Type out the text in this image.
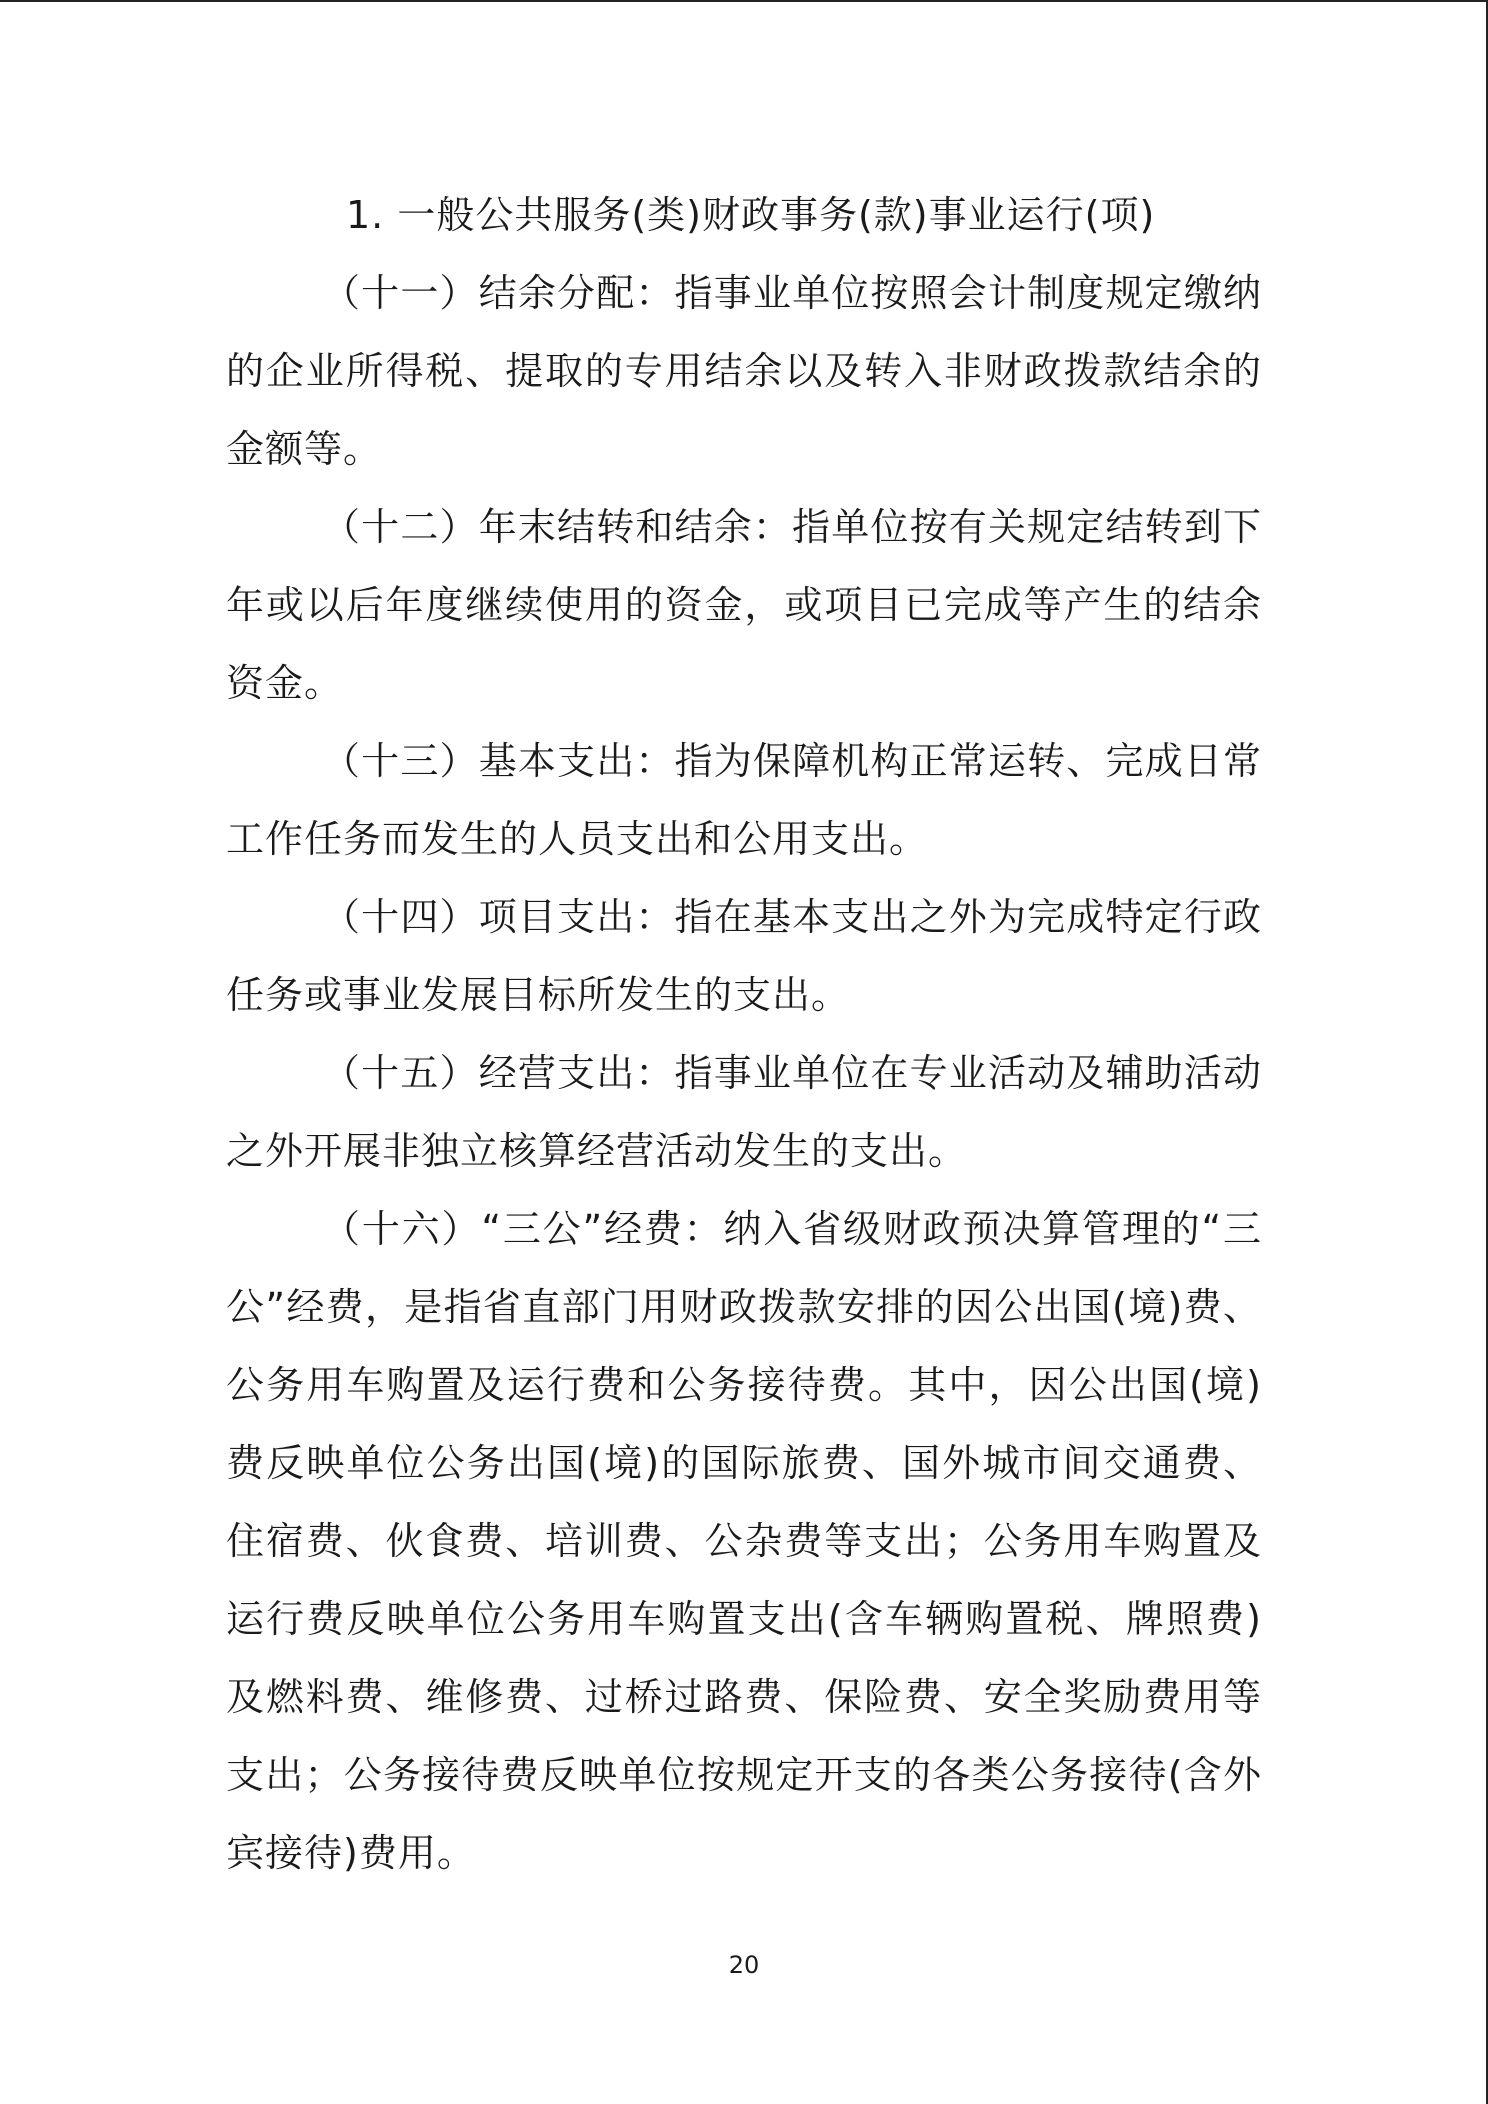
1. 一般公共服务(类)财政事务(款)事业运行(项)

（十一）结余分配：指事业单位按照会计制度规定缴纳的企业所得税、提取的专用结余以及转入非财政拨款结余的金额等。

（十二）年末结转和结余：指单位按有关规定结转到下年或以后年度继续使用的资金，或项目已完成等产生的结余资金。

（十三）基本支出：指为保障机构正常运转、完成日常工作任务而发生的人员支出和公用支出。

（十四）项目支出：指在基本支出之外为完成特定行政任务或事业发展目标所发生的支出。

（十五）经营支出：指事业单位在专业活动及辅助活动之外开展非独立核算经营活动发生的支出。

（十六）“三公”经费：纳入省级财政预决算管理的“三公”经费，是指省直部门用财政拨款安排的因公出国(境)费、公务用车购置及运行费和公务接待费。其中，因公出国(境)费反映单位公务出国(境)的国际旅费、国外城市间交通费、住宿费、伙食费、培训费、公杂费等支出；公务用车购置及运行费反映单位公务用车购置支出(含车辆购置税、牌照费)及燃料费、维修费、过桥过路费、保险费、安全奖励费用等支出；公务接待费反映单位按规定开支的各类公务接待(含外宾接待)费用。

20
